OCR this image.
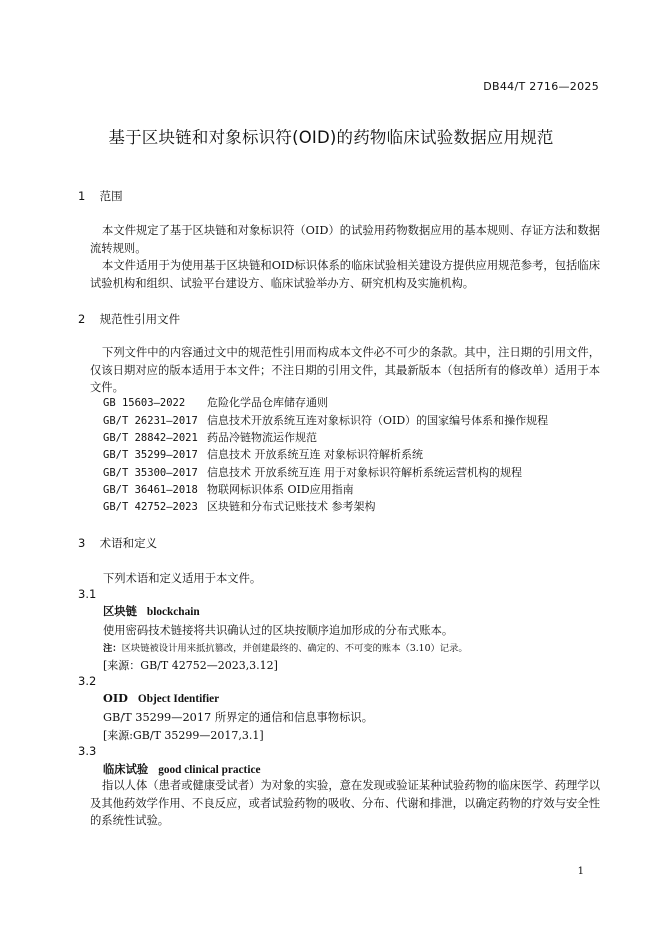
DB44/T 2716—2025
基于区块链和对象标识符(OID)的药物临床试验数据应用规范
1 范围
本文件规定了基于区块链和对象标识符（OID）的试验用药物数据应用的基本规则、存证方法和数据流转规则。
本文件适用于为使用基于区块链和OID标识体系的临床试验相关建设方提供应用规范参考，包括临床试验机构和组织、试验平台建设方、临床试验举办方、研究机构及实施机构。
2 规范性引用文件
下列文件中的内容通过文中的规范性引用而构成本文件必不可少的条款。其中，注日期的引用文件，仅该日期对应的版本适用于本文件；不注日期的引用文件，其最新版本（包括所有的修改单）适用于本文件。
GB 15603—2022 危险化学品仓库储存通则
GB/T 26231—2017 信息技术开放系统互连对象标识符（OID）的国家编号体系和操作规程
GB/T 28842—2021 药品冷链物流运作规范
GB/T 35299—2017 信息技术 开放系统互连 对象标识符解析系统
GB/T 35300—2017 信息技术 开放系统互连 用于对象标识符解析系统运营机构的规程
GB/T 36461—2018 物联网标识体系 OID应用指南
GB/T 42752—2023 区块链和分布式记账技术 参考架构
3 术语和定义
下列术语和定义适用于本文件。
3.1
区块链 blockchain
使用密码技术链接将共识确认过的区块按顺序追加形成的分布式账本。
注：区块链被设计用来抵抗篡改，并创建最终的、确定的、不可变的账本（3.10）记录。
[来源：GB/T 42752—2023,3.12]
3.2
OID Object Identifier
GB/T 35299—2017 所界定的通信和信息事物标识。
[来源:GB/T 35299—2017,3.1]
3.3
临床试验 good clinical practice
指以人体（患者或健康受试者）为对象的实验，意在发现或验证某种试验药物的临床医学、药理学以及其他药效学作用、不良反应，或者试验药物的吸收、分布、代谢和排泄，以确定药物的疗效与安全性的系统性试验。
1
